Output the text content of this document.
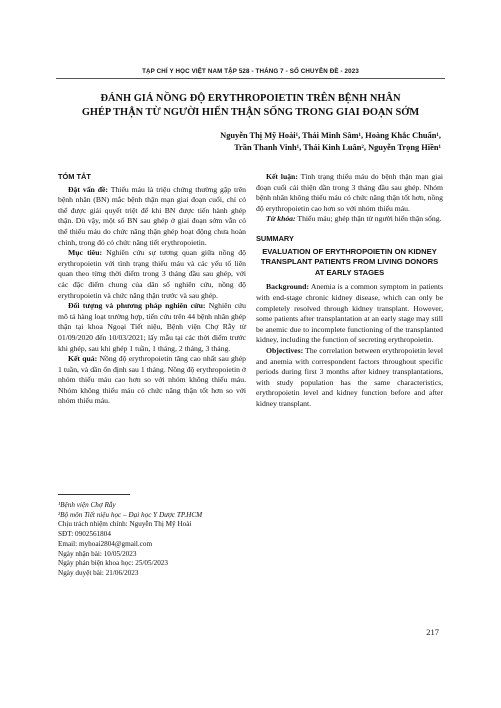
TẠP CHÍ Y HỌC VIỆT NAM TẬP 528 - THÁNG 7 - SỐ CHUYÊN ĐỀ - 2023
ĐÁNH GIÁ NỒNG ĐỘ ERYTHROPOIETIN TRÊN BỆNH NHÂN
GHÉP THẬN TỪ NGƯỜI HIẾN THẬN SỐNG TRONG GIAI ĐOẠN SỚM
Nguyễn Thị Mỹ Hoài¹, Thái Minh Sâm¹, Hoàng Khắc Chuẩn¹,
Trần Thanh Vinh¹, Thái Kinh Luân², Nguyễn Trọng Hiền¹
TÓM TẮT

Đặt vấn đề: Thiếu máu là triệu chứng thường gặp trên bệnh nhân (BN) mắc bệnh thận mạn giai đoạn cuối, chỉ có thể được giải quyết triệt để khi BN được tiến hành ghép thận. Dù vậy, một số BN sau ghép ở giai đoạn sớm vẫn có thể thiếu máu do chức năng thận ghép hoạt động chưa hoàn chỉnh, trong đó có chức năng tiết erythropoietin.

Mục tiêu: Nghiên cứu sự tương quan giữa nồng độ erythropoietin với tình trạng thiếu máu và các yếu tố liên quan theo từng thời điểm trong 3 tháng đầu sau ghép, với các đặc điểm chung của dân số nghiên cứu, nồng độ erythropoietin và chức năng thận trước và sau ghép.

Đối tượng và phương pháp nghiên cứu: Nghiên cứu mô tả hàng loạt trường hợp, tiến cứu trên 44 bệnh nhân ghép thận tại khoa Ngoại Tiết niệu, Bệnh viện Chợ Rẫy từ 01/09/2020 đến 10/03/2021; lấy mẫu tại các thời điểm trước khi ghép, sau khi ghép 1 tuần, 1 tháng, 2 tháng, 3 tháng.

Kết quả: Nồng độ erythropoietin tăng cao nhất sau ghép 1 tuần, và dần ổn định sau 1 tháng. Nồng độ erythropoietin ở nhóm thiếu máu cao hơn so với nhóm không thiếu máu. Nhóm không thiếu máu có chức năng thận tốt hơn so với nhóm thiếu máu.

¹Bệnh viện Chợ Rẫy

²Bộ môn Tiết niệu học – Đại học Y Dược TP.HCM

Chịu trách nhiệm chính: Nguyễn Thị Mỹ Hoài

SĐT: 0902561804

Email: myhoai2804@gmail.com

Ngày nhận bài: 10/05/2023

Ngày phản biện khoa học: 25/05/2023

Ngày duyệt bài: 21/06/2023

Kết luận: Tình trạng thiếu máu do bệnh thận mạn giai đoạn cuối cải thiện dần trong 3 tháng đầu sau ghép. Nhóm bệnh nhân không thiếu máu có chức năng thận tốt hơn, nồng độ erythropoietin cao hơn so với nhóm thiếu máu.

Từ khóa: Thiếu máu; ghép thận từ người hiến thận sống.

SUMMARY
EVALUATION OF ERYTHROPOIETIN ON KIDNEY TRANSPLANT PATIENTS FROM LIVING DONORS AT EARLY STAGES

Background: Anemia is a common symptom in patients with end-stage chronic kidney disease, which can only be completely resolved through kidney transplant. However, some patients after transplantation at an early stage may still be anemic due to incomplete functioning of the transplanted kidney, including the function of secreting erythropoietin.

Objectives: The correlation between erythropoietin level and anemia with correspondent factors throughout specific periods during first 3 months after kidney transplantations, with study population has the same characteristics, erythropoietin level and kidney function before and after kidney transplant.

217
